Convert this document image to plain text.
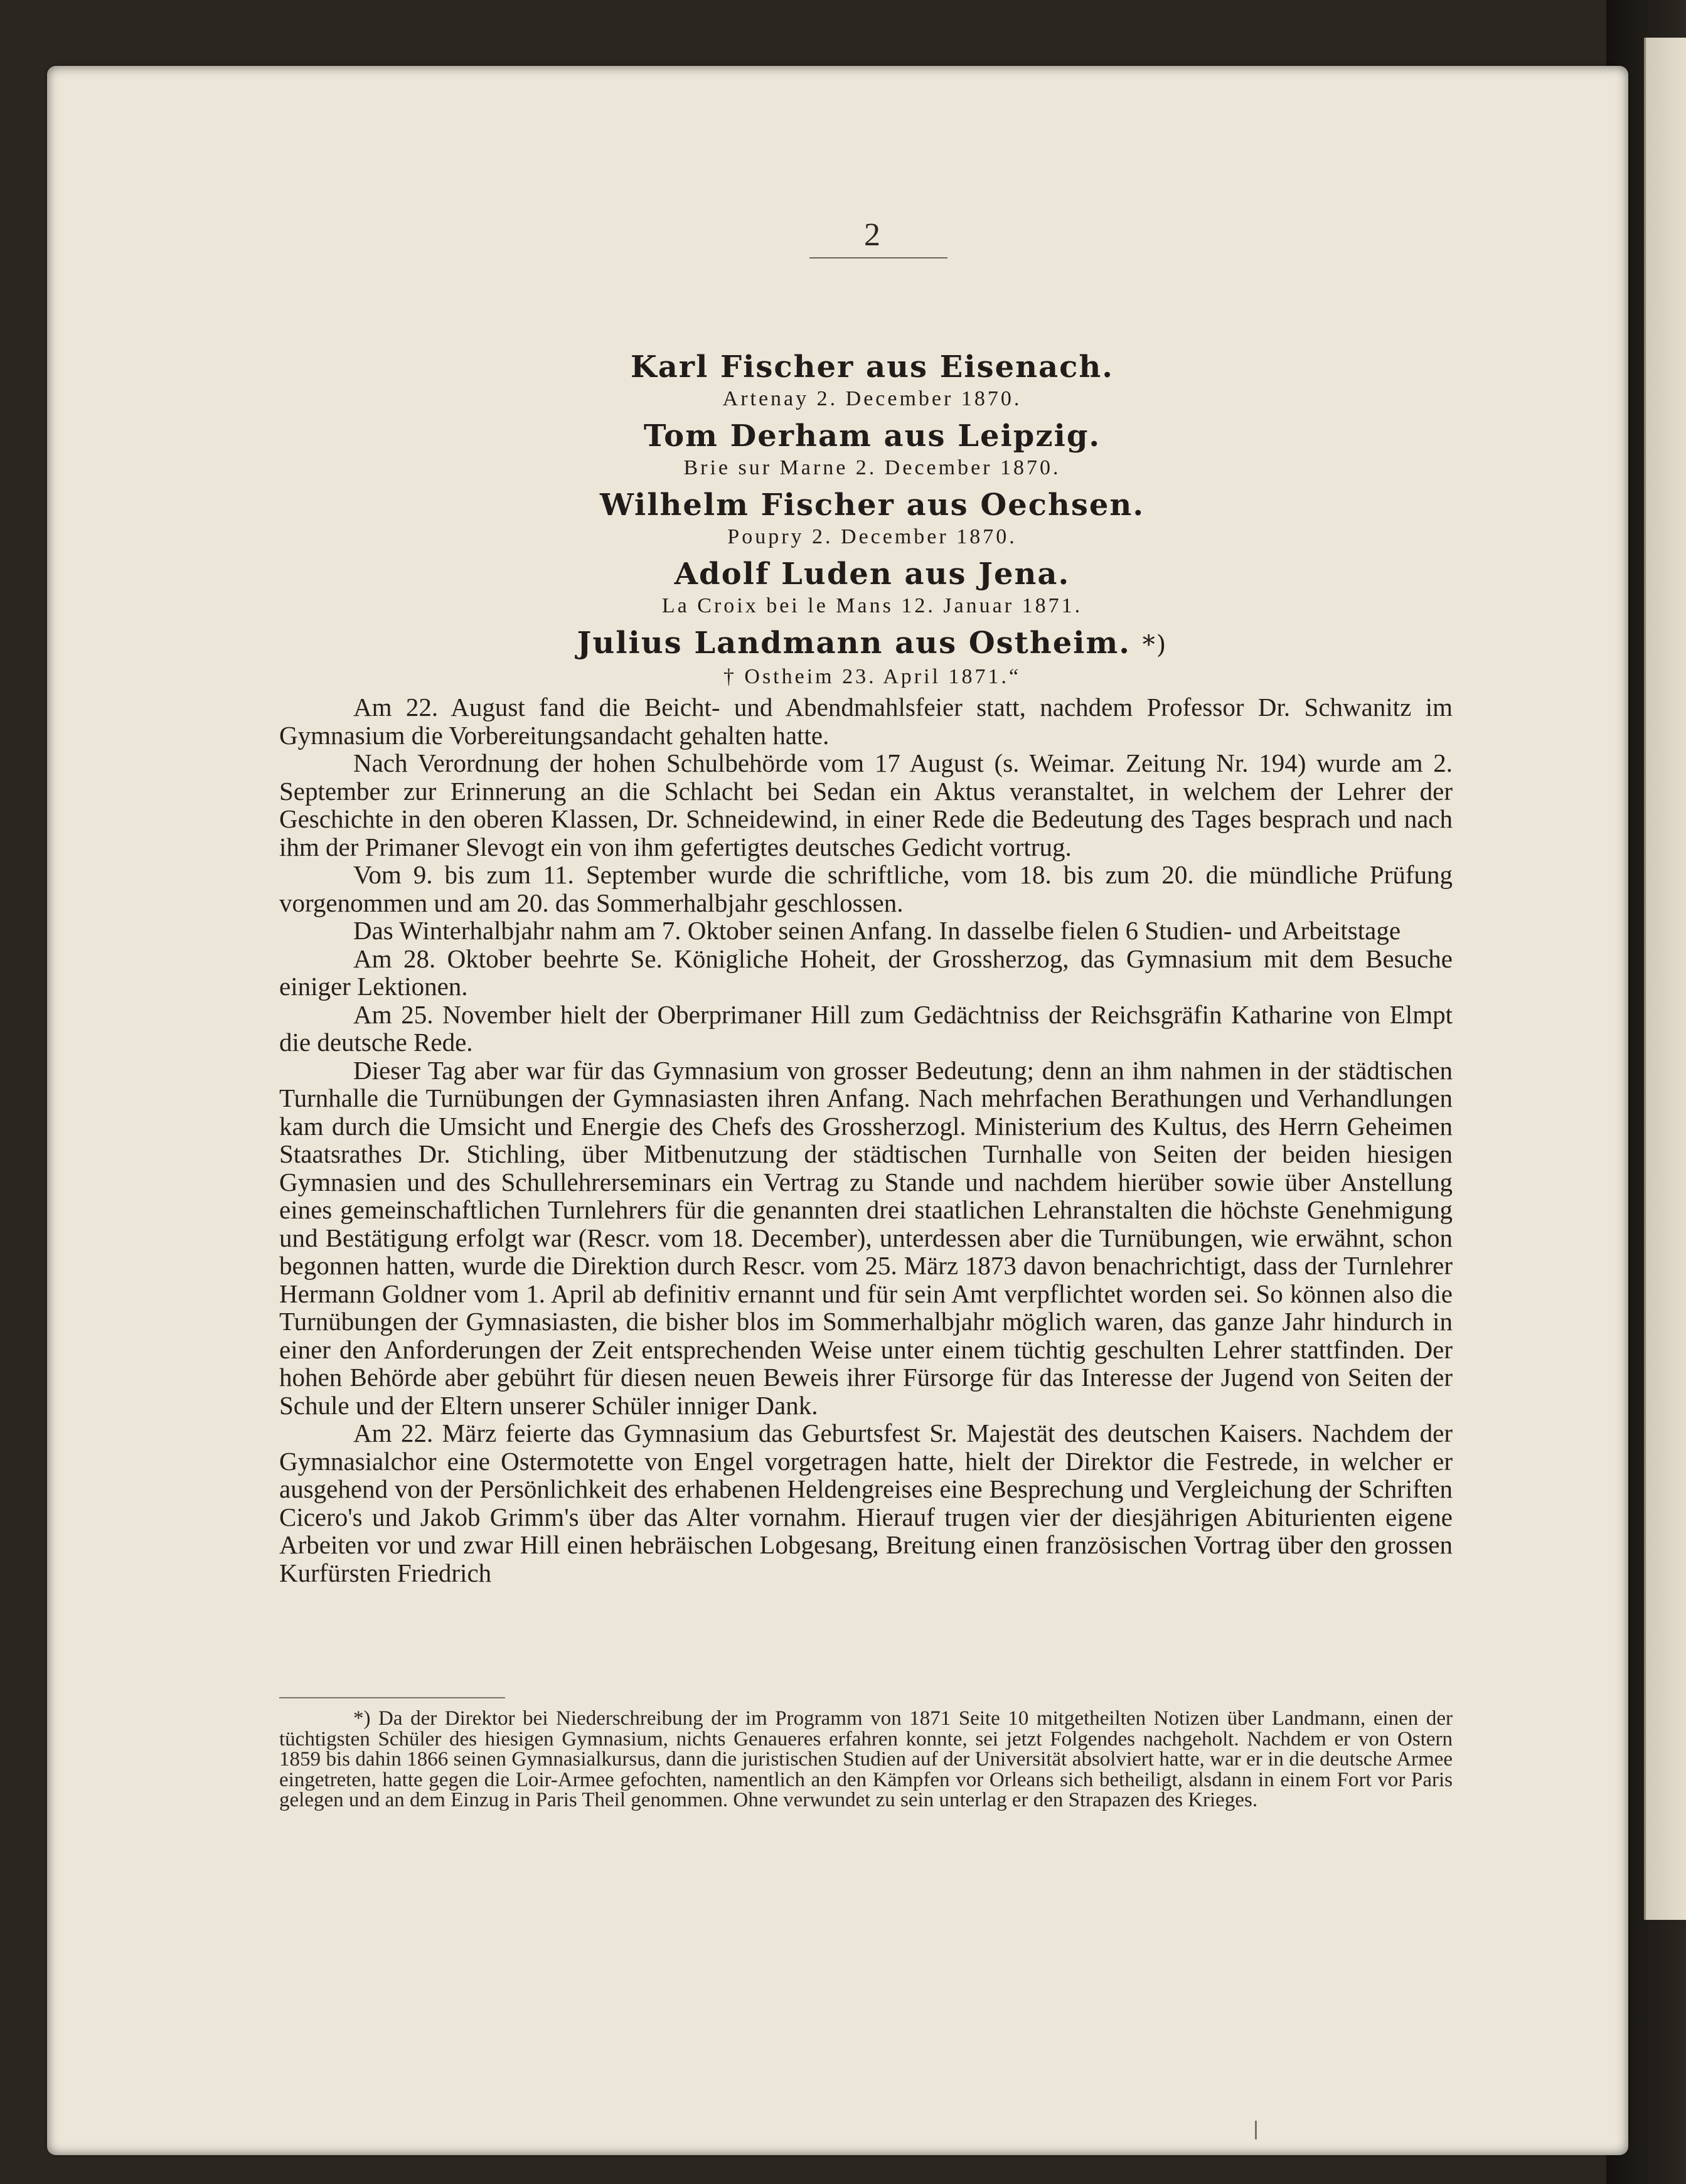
2
Karl Fischer aus Eisenach.
Artenay 2. December 1870.
Tom Derham aus Leipzig.
Brie sur Marne 2. December 1870.
Wilhelm Fischer aus Oechsen.
Poupry 2. December 1870.
Adolf Luden aus Jena.
La Croix bei le Mans 12. Januar 1871.
Julius Landmann aus Ostheim. *)
† Ostheim 23. April 1871.“

Am 22. August fand die Beicht- und Abendmahlsfeier statt, nachdem Professor Dr. Schwanitz im Gymnasium die Vorbereitungsandacht gehalten hatte.

Nach Verordnung der hohen Schulbehörde vom 17 August (s. Weimar. Zeitung Nr. 194) wurde am 2. September zur Erinnerung an die Schlacht bei Sedan ein Aktus veranstaltet, in welchem der Lehrer der Geschichte in den oberen Klassen, Dr. Schneidewind, in einer Rede die Bedeutung des Tages besprach und nach ihm der Primaner Slevogt ein von ihm gefertigtes deutsches Gedicht vortrug.

Vom 9. bis zum 11. September wurde die schriftliche, vom 18. bis zum 20. die mündliche Prüfung vorgenommen und am 20. das Sommerhalbjahr geschlossen.

Das Winterhalbjahr nahm am 7. Oktober seinen Anfang. In dasselbe fielen 6 Studien- und Arbeitstage

Am 28. Oktober beehrte Se. Königliche Hoheit, der Grossherzog, das Gymnasium mit dem Besuche einiger Lektionen.

Am 25. November hielt der Oberprimaner Hill zum Gedächtniss der Reichsgräfin Katharine von Elmpt die deutsche Rede.

Dieser Tag aber war für das Gymnasium von grosser Bedeutung; denn an ihm nahmen in der städtischen Turnhalle die Turnübungen der Gymnasiasten ihren Anfang. Nach mehrfachen Berathungen und Verhandlungen kam durch die Umsicht und Energie des Chefs des Grossherzogl. Ministerium des Kultus, des Herrn Geheimen Staatsrathes Dr. Stichling, über Mitbenutzung der städtischen Turnhalle von Seiten der beiden hiesigen Gymnasien und des Schullehrerseminars ein Vertrag zu Stande und nachdem hierüber sowie über Anstellung eines gemeinschaftlichen Turnlehrers für die genannten drei staatlichen Lehranstalten die höchste Genehmigung und Bestätigung erfolgt war (Rescr. vom 18. December), unterdessen aber die Turnübungen, wie erwähnt, schon begonnen hatten, wurde die Direktion durch Rescr. vom 25. März 1873 davon benachrichtigt, dass der Turnlehrer Hermann Goldner vom 1. April ab definitiv ernannt und für sein Amt verpflichtet worden sei. So können also die Turnübungen der Gymnasiasten, die bisher blos im Sommerhalbjahr möglich waren, das ganze Jahr hindurch in einer den Anforderungen der Zeit entsprechenden Weise unter einem tüchtig geschulten Lehrer stattfinden. Der hohen Behörde aber gebührt für diesen neuen Beweis ihrer Fürsorge für das Interesse der Jugend von Seiten der Schule und der Eltern unserer Schüler inniger Dank.

Am 22. März feierte das Gymnasium das Geburtsfest Sr. Majestät des deutschen Kaisers. Nachdem der Gymnasialchor eine Ostermotette von Engel vorgetragen hatte, hielt der Direktor die Festrede, in welcher er ausgehend von der Persönlichkeit des erhabenen Heldengreises eine Besprechung und Vergleichung der Schriften Cicero's und Jakob Grimm's über das Alter vornahm. Hierauf trugen vier der diesjährigen Abiturienten eigene Arbeiten vor und zwar Hill einen hebräischen Lobgesang, Breitung einen französischen Vortrag über den grossen Kurfürsten Friedrich

*) Da der Direktor bei Niederschreibung der im Programm von 1871 Seite 10 mitgetheilten Notizen über Landmann, einen der tüchtigsten Schüler des hiesigen Gymnasium, nichts Genaueres erfahren konnte, sei jetzt Folgendes nachgeholt. Nachdem er von Ostern 1859 bis dahin 1866 seinen Gymnasialkursus, dann die juristischen Studien auf der Universität absolviert hatte, war er in die deutsche Armee eingetreten, hatte gegen die Loir-Armee gefochten, namentlich an den Kämpfen vor Orleans sich betheiligt, alsdann in einem Fort vor Paris gelegen und an dem Einzug in Paris Theil genommen. Ohne verwundet zu sein unterlag er den Strapazen des Krieges.
